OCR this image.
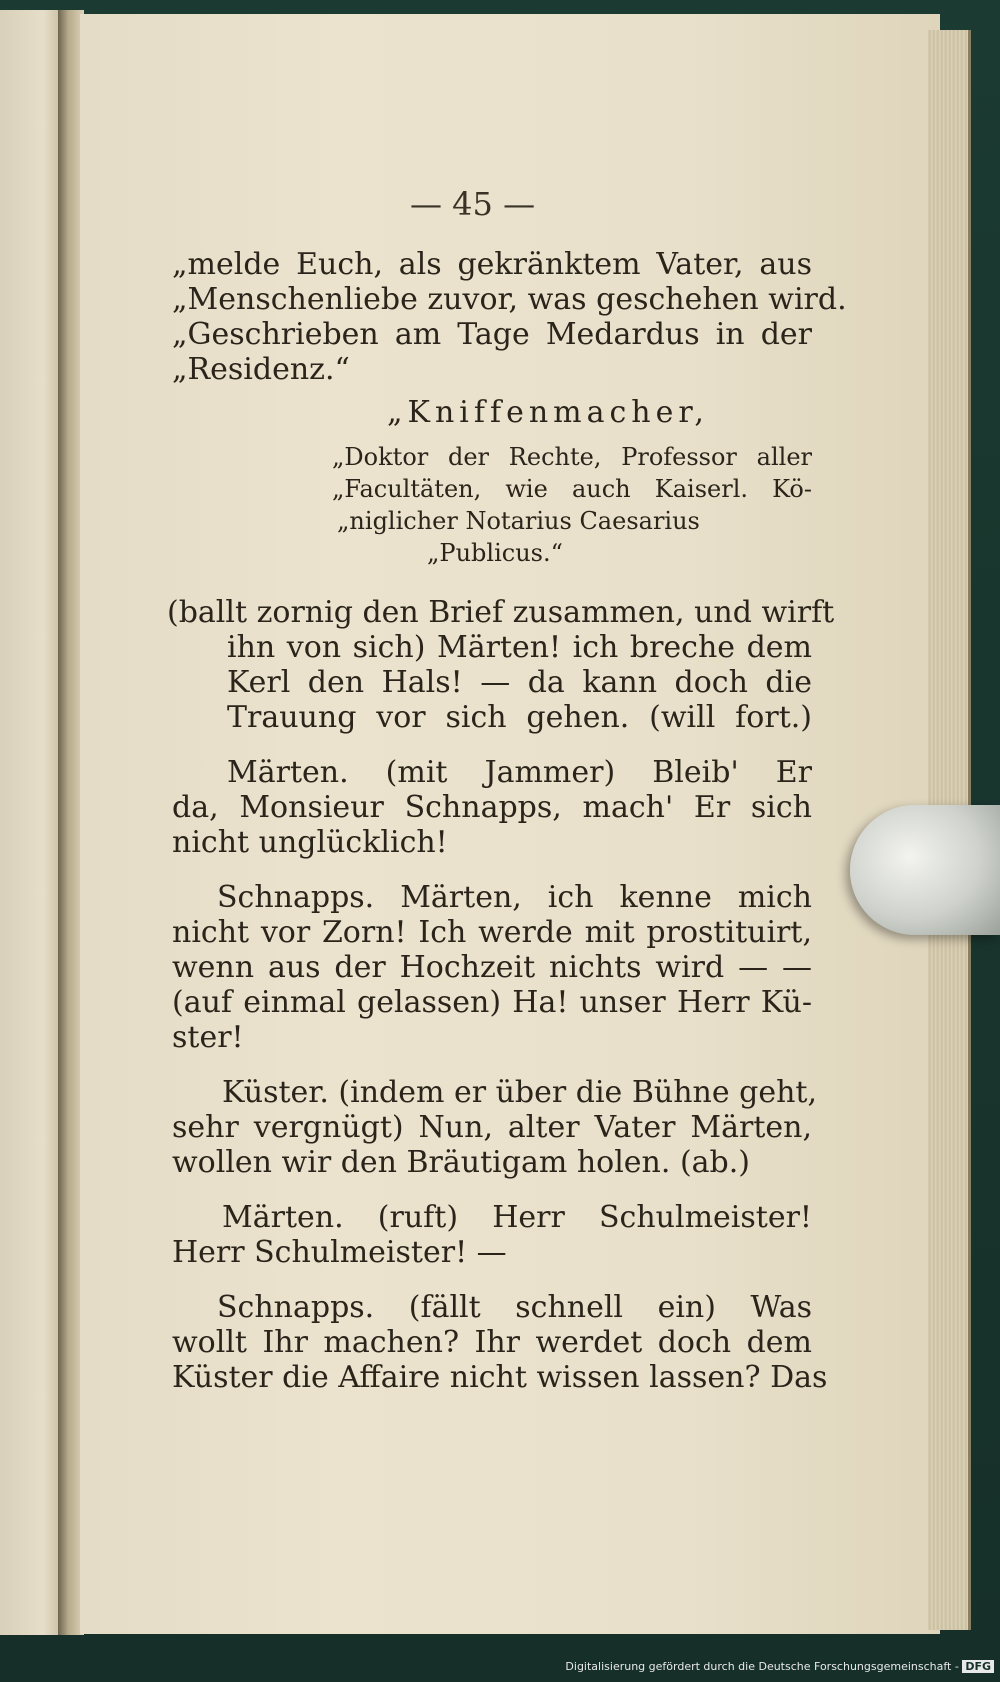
— 45 —
„melde Euch, als gekränktem Vater, aus
„Menschenliebe zuvor, was geschehen wird.
„Geschrieben am Tage Medardus in der
„Residenz.“
„Kniffenmacher,
„Doktor der Rechte, Professor aller
„Facultäten, wie auch Kaiserl. Kö-
„niglicher Notarius Caesarius
„Publicus.“
(ballt zornig den Brief zusammen, und wirft
ihn von sich) Märten! ich breche dem
Kerl den Hals! — da kann doch die
Trauung vor sich gehen. (will fort.)
Märten. (mit Jammer) Bleib' Er
da, Monsieur Schnapps, mach' Er sich
nicht unglücklich!
Schnapps. Märten, ich kenne mich
nicht vor Zorn! Ich werde mit prostituirt,
wenn aus der Hochzeit nichts wird — —
(auf einmal gelassen) Ha! unser Herr Kü-
ster!
Küster. (indem er über die Bühne geht,
sehr vergnügt) Nun, alter Vater Märten,
wollen wir den Bräutigam holen. (ab.)
Märten. (ruft) Herr Schulmeister!
Herr Schulmeister! —
Schnapps. (fällt schnell ein) Was
wollt Ihr machen? Ihr werdet doch dem
Küster die Affaire nicht wissen lassen? Das
Digitalisierung gefördert durch die Deutsche Forschungsgemeinschaft - DFG
